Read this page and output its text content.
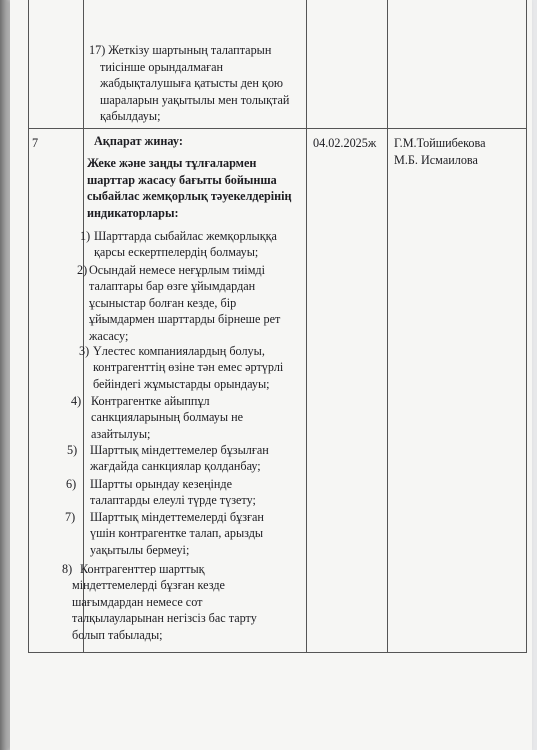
17) Жеткізу шартының талаптарын
тиісінше орындалмаған
жабдықталушыға қатысты ден қою
шараларын уақытылы мен толықтай
қабылдауы;
7	Ақпарат жинау:
Жеке және заңды тұлғалармен
шарттар жасасу бағыты бойынша
сыбайлас жемқорлық тәуекелдерінің
индикаторлары:
1) Шарттарда сыбайлас жемқорлыққа
қарсы ескертпелердің болмауы;
2) Осындай немесе неғұрлым тиімді
талаптары бар өзге ұйымдардан
ұсыныстар болған кезде, бір
ұйымдармен шарттарды бірнеше рет
жасасу;
3) Үлестес компаниялардың болуы,
контрагенттің өзіне тән емес әртүрлі
бейіндегі жұмыстарды орындауы;
4) Контрагентке айыппұл
санкцияларының болмауы не
азайтылуы;
5)	Шарттық міндеттемелер бұзылған
жағдайда санкциялар қолданбау;
6)	Шартты орындау кезеңінде
талаптарды елеулі түрде түзету;
7)	Шарттық міндеттемелерді бұзған
үшін контрагентке талап, арызды
уақытылы бермеуі;
8) Контрагенттер шарттық
міндеттемелерді бұзған кезде
шағымдардан немесе сот
талқылауларынан негізсіз бас тарту
болып табылады;
04.02.2025ж Г.М.Тойшибекова
М.Б. Исмаилова
